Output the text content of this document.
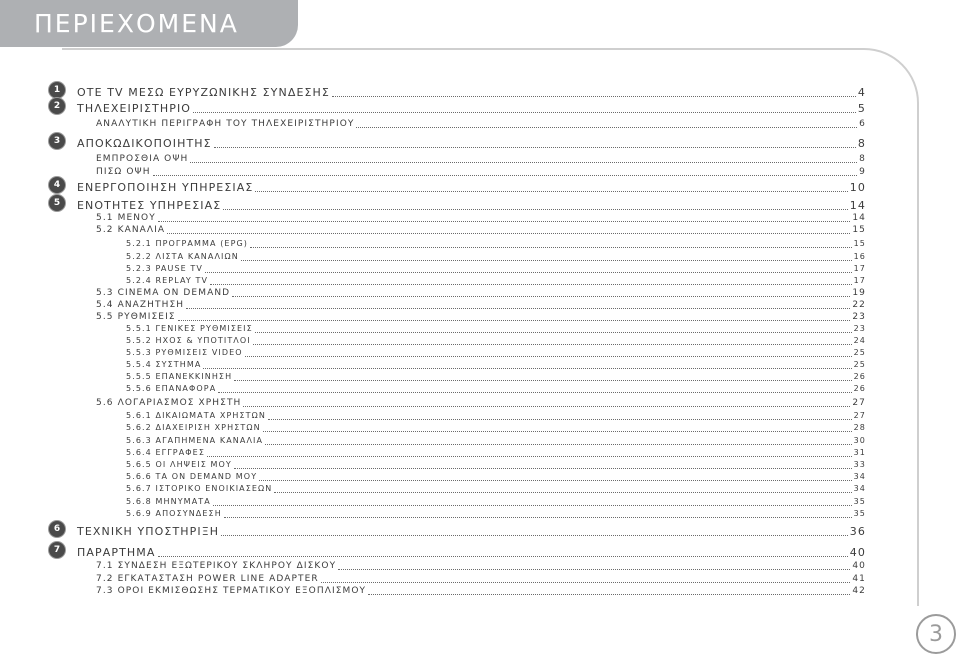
ΠΕΡΙΕΧΟΜΕΝΑ
ΟΤΕ TV ΜΕΣΩ ΕΥΡΥΖΩΝΙΚΗΣ ΣΥΝΔΕΣΗΣ	4
1
ΤΗΛΕΧΕΙΡΙΣΤΗΡΙΟ	5
2
ΑΝΑΛΥΤΙΚΗ ΠΕΡΙΓΡΑΦΗ ΤΟΥ ΤΗΛΕΧΕΙΡΙΣΤΗΡΙΟΥ	6
ΑΠΟΚΩΔΙΚΟΠΟΙΗΤΗΣ	8
3
ΕΜΠΡΟΣΘΙΑ ΟΨΗ	8
ΠΙΣΩ ΟΨΗ	9
ΕΝΕΡΓΟΠΟΙΗΣΗ ΥΠΗΡΕΣΙΑΣ	10
4
ΕΝΟΤΗΤΕΣ ΥΠΗΡΕΣΙΑΣ	14
5
5.1 ΜΕΝΟΥ	14
5.2 ΚΑΝΑΛΙΑ	15
5.2.1 ΠΡΟΓΡΑΜΜΑ (EPG)	15
5.2.2 ΛΙΣΤΑ ΚΑΝΑΛΙΩΝ	16
5.2.3 PAUSE TV	17
5.2.4 REPLAY TV	17
5.3 CINEMA ON DEMAND	19
5.4 ΑΝΑΖΗΤΗΣΗ	22
5.5 ΡΥΘΜΙΣΕΙΣ	23
5.5.1 ΓΕΝΙΚΕΣ ΡΥΘΜΙΣΕΙΣ	23
5.5.2 ΗΧΟΣ & ΥΠΟΤΙΤΛΟΙ	24
5.5.3 ΡΥΘΜΙΣΕΙΣ VIDEO	25
5.5.4 ΣΥΣΤΗΜΑ	25
5.5.5 ΕΠΑΝΕΚΚΙΝΗΣΗ	26
5.5.6 ΕΠΑΝΑΦΟΡΑ	26
5.6 ΛΟΓΑΡΙΑΣΜΟΣ ΧΡΗΣΤΗ	27
5.6.1 ΔΙΚΑΙΩΜΑΤΑ ΧΡΗΣΤΩΝ	27
5.6.2 ΔΙΑΧΕΙΡΙΣΗ ΧΡΗΣΤΩΝ	28
5.6.3 ΑΓΑΠΗΜΕΝΑ ΚΑΝΑΛΙΑ	30
5.6.4 ΕΓΓΡΑΦΕΣ	31
5.6.5 ΟΙ ΛΗΨΕΙΣ ΜΟΥ	33
5.6.6 ΤΑ ON DEMAND ΜΟΥ	34
5.6.7 ΙΣΤΟΡΙΚΟ ΕΝΟΙΚΙΑΣΕΩΝ	34
5.6.8 ΜΗΝΥΜΑΤΑ	35
5.6.9 ΑΠΟΣΥΝΔΕΣΗ	35
ΤΕΧΝΙΚΗ ΥΠΟΣΤΗΡΙΞΗ	36
6
ΠΑΡΑΡΤΗΜΑ	40
7
7.1 ΣΥΝΔΕΣΗ ΕΞΩΤΕΡΙΚΟΥ ΣΚΛΗΡΟΥ ΔΙΣΚΟΥ	40
7.2 ΕΓΚΑΤΑΣΤΑΣΗ POWER LINE ADAPTER	41
7.3 ΟΡΟΙ ΕΚΜΙΣΘΩΣΗΣ ΤΕΡΜΑΤΙΚΟΥ ΕΞΟΠΛΙΣΜΟΥ	42
3
